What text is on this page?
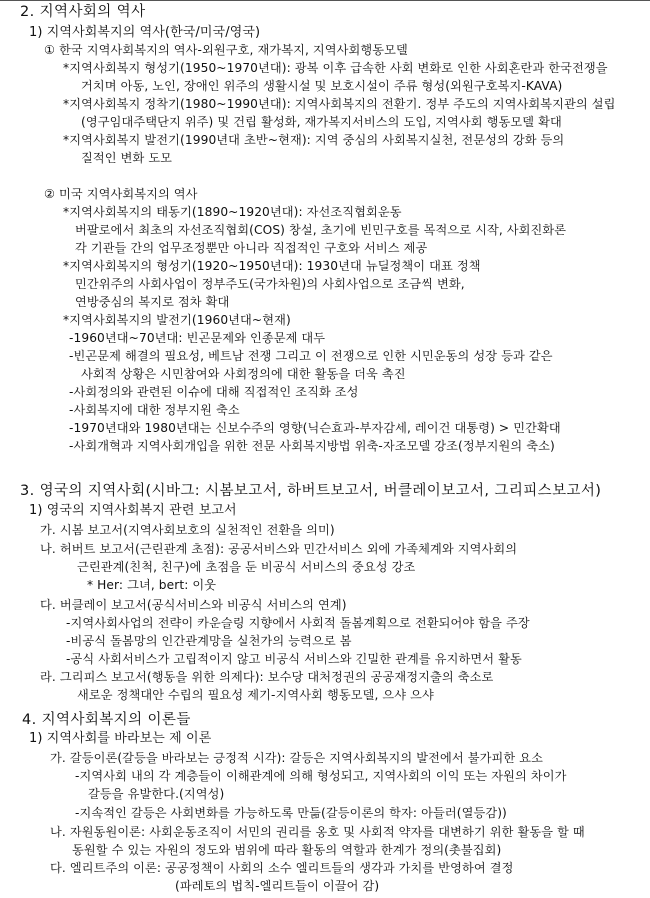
2. 지역사회의 역사
1) 지역사회복지의 역사(한국/미국/영국)
① 한국 지역사회복지의 역사-외원구호, 재가복지, 지역사회행동모델
*지역사회복지 형성기(1950~1970년대): 광복 이후 급속한 사회 변화로 인한 사회혼란과 한국전쟁을
거치며 아동, 노인, 장애인 위주의 생활시설 및 보호시설이 주류 형성(외원구호복지-KAVA)
*지역사회복지 정착기(1980~1990년대): 지역사회복지의 전환기. 정부 주도의 지역사회복지관의 설립
(영구임대주택단지 위주) 및 건립 활성화, 재가복지서비스의 도입, 지역사회 행동모델 확대
*지역사회복지 발전기(1990년대 초반~현재): 지역 중심의 사회복지실천, 전문성의 강화 등의
질적인 변화 도모
② 미국 지역사회복지의 역사
*지역사회복지의 태동기(1890~1920년대): 자선조직협회운동
버팔로에서 최초의 자선조직협회(COS) 창설, 초기에 빈민구호를 목적으로 시작, 사회진화론
각 기관들 간의 업무조정뿐만 아니라 직접적인 구호와 서비스 제공
*지역사회복지의 형성기(1920~1950년대): 1930년대 뉴딜정책이 대표 정책
민간위주의 사회사업이 정부주도(국가차원)의 사회사업으로 조금씩 변화,
연방중심의 복지로 점차 확대
*지역사회복지의 발전기(1960년대~현재)
-1960년대~70년대: 빈곤문제와 인종문제 대두
-빈곤문제 해결의 필요성, 베트남 전쟁 그리고 이 전쟁으로 인한 시민운동의 성장 등과 같은
사회적 상황은 시민참여와 사회정의에 대한 활동을 더욱 촉진
-사회정의와 관련된 이슈에 대해 직접적인 조직화 조성
-사회복지에 대한 정부지원 축소
-1970년대와 1980년대는 신보수주의 영향(닉슨효과-부자감세, 레이건 대통령) > 민간확대
-사회개혁과 지역사회개입을 위한 전문 사회복지방법 위축-자조모델 강조(정부지원의 축소)
3. 영국의 지역사회(시바그: 시봄보고서, 하버트보고서, 버클레이보고서, 그리피스보고서)
1) 영국의 지역사회복지 관련 보고서
가. 시봄 보고서(지역사회보호의 실천적인 전환을 의미)
나. 허버트 보고서(근린관계 초점): 공공서비스와 민간서비스 외에 가족체계와 지역사회의
근린관계(친척, 친구)에 초점을 둔 비공식 서비스의 중요성 강조
* Her: 그녀, bert: 이웃
다. 버클레이 보고서(공식서비스와 비공식 서비스의 연계)
-지역사회사업의 전략이 카운슬링 지향에서 사회적 돌봄계획으로 전환되어야 함을 주장
-비공식 돌봄망의 인간관계망을 실천가의 능력으로 봄
-공식 사회서비스가 고립적이지 않고 비공식 서비스와 긴밀한 관계를 유지하면서 활동
라. 그리피스 보고서(행동을 위한 의제다): 보수당 대처정권의 공공재정지출의 축소로
새로운 정책대안 수립의 필요성 제기-지역사회 행동모델, 으샤 으샤
4. 지역사회복지의 이론들
1) 지역사회를 바라보는 제 이론
가. 갈등이론(갈등을 바라보는 긍정적 시각): 갈등은 지역사회복지의 발전에서 불가피한 요소
-지역사회 내의 각 계층들이 이해관계에 의해 형성되고, 지역사회의 이익 또는 자원의 차이가
갈등을 유발한다.(지역성)
-지속적인 갈등은 사회변화를 가능하도록 만듦(갈등이론의 학자: 아들러(열등감))
나. 자원동원이론: 사회운동조직이 서민의 권리를 옹호 및 사회적 약자를 대변하기 위한 활동을 할 때
동원할 수 있는 자원의 정도와 범위에 따라 활동의 역할과 한계가 정의(촛불집회)
다. 엘리트주의 이론: 공공정책이 사회의 소수 엘리트들의 생각과 가치를 반영하여 결정
(파레토의 법칙-엘리트들이 이끌어 감)
